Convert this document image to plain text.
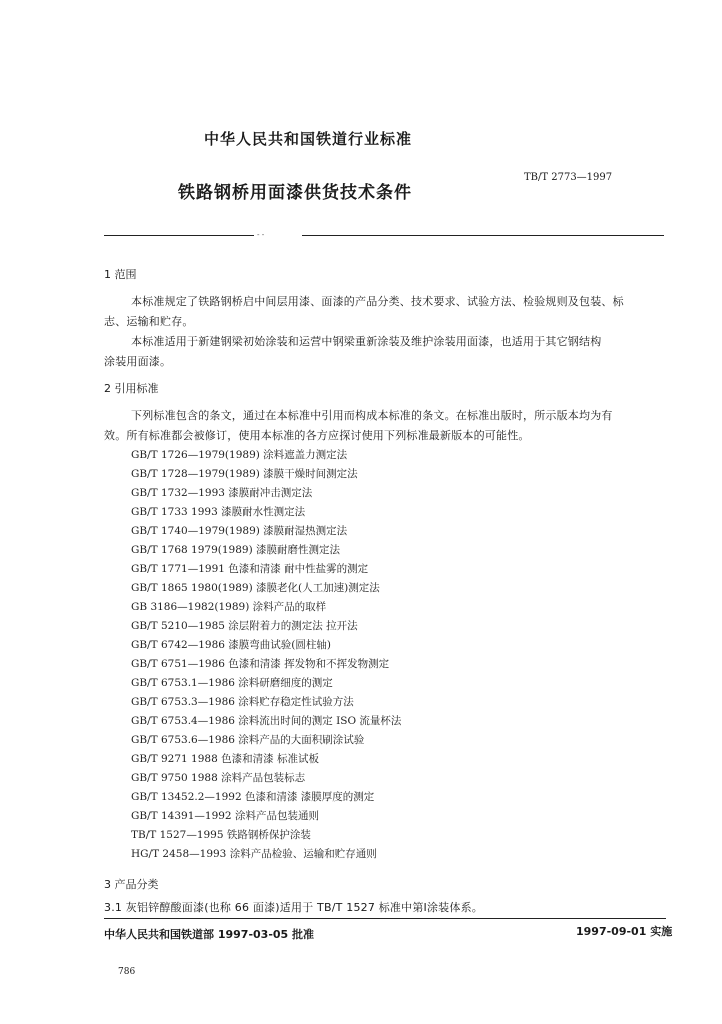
中华人民共和国铁道行业标准
铁路钢桥用面漆供货技术条件
TB/T 2773—1997
- -
1 范围
本标准规定了铁路钢桥启中间层用漆、面漆的产品分类、技术要求、试验方法、检验规则及包装、标
志、运输和贮存。
本标准适用于新建钢梁初始涂装和运营中钢梁重新涂装及维护涂装用面漆，也适用于其它钢结构
涂装用面漆。
2 引用标准
下列标准包含的条文，通过在本标准中引用而构成本标准的条文。在标准出版时，所示版本均为有
效。所有标准都会被修订，使用本标准的各方应探讨使用下列标准最新版本的可能性。
GB/T 1726—1979(1989) 涂料遮盖力测定法
GB/T 1728—1979(1989) 漆膜干燥时间测定法
GB/T 1732—1993 漆膜耐冲击测定法
GB/T 1733 1993 漆膜耐水性测定法
GB/T 1740—1979(1989) 漆膜耐湿热测定法
GB/T 1768 1979(1989) 漆膜耐磨性测定法
GB/T 1771—1991 色漆和清漆 耐中性盐雾的测定
GB/T 1865 1980(1989) 漆膜老化(人工加速)测定法
GB 3186—1982(1989) 涂料产品的取样
GB/T 5210—1985 涂层附着力的测定法 拉开法
GB/T 6742—1986 漆膜弯曲试验(圆柱轴)
GB/T 6751—1986 色漆和清漆 挥发物和不挥发物测定
GB/T 6753.1—1986 涂料研磨细度的测定
GB/T 6753.3—1986 涂料贮存稳定性试验方法
GB/T 6753.4—1986 涂料流出时间的测定 ISO 流量杯法
GB/T 6753.6—1986 涂料产品的大面积刷涂试验
GB/T 9271 1988 色漆和清漆 标准试板
GB/T 9750 1988 涂料产品包装标志
GB/T 13452.2—1992 色漆和清漆 漆膜厚度的测定
GB/T 14391—1992 涂料产品包装通则
TB/T 1527—1995 铁路钢桥保护涂装
HG/T 2458—1993 涂料产品检验、运输和贮存通则
3 产品分类
3.1 灰铝锌醇酸面漆(也称 66 面漆)适用于 TB/T 1527 标准中第Ⅰ涂装体系。
中华人民共和国铁道部 1997-03-05 批准	1997-09-01 实施
786
